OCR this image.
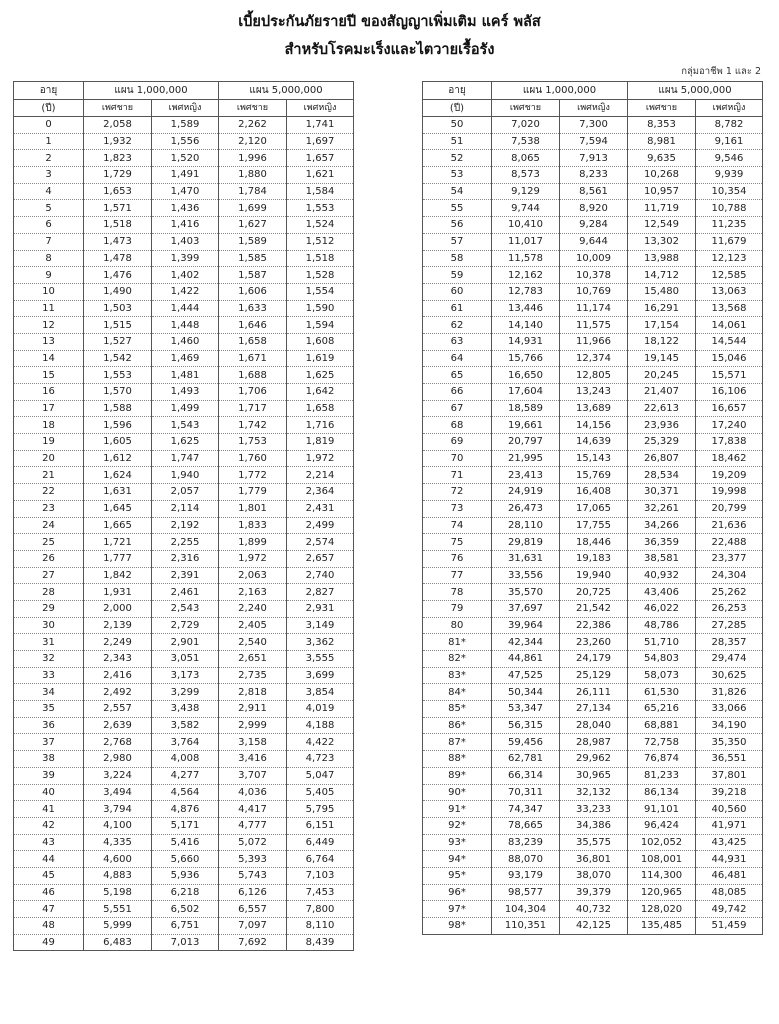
เบี้ยประกันภัยรายปี ของสัญญาเพิ่มเติม แคร์ พลัส
สำหรับโรคมะเร็งและไตวายเรื้อรัง
กลุ่มอาชีพ 1 และ 2
อายุ	แผน 1,000,000		แผน 5,000,000	
(ปี)	เพศชาย	เพศหญิง	เพศชาย	เพศหญิง
0	2,058	1,589	2,262	1,741
1	1,932	1,556	2,120	1,697
2	1,823	1,520	1,996	1,657
3	1,729	1,491	1,880	1,621
4	1,653	1,470	1,784	1,584
5	1,571	1,436	1,699	1,553
6	1,518	1,416	1,627	1,524
7	1,473	1,403	1,589	1,512
8	1,478	1,399	1,585	1,518
9	1,476	1,402	1,587	1,528
10	1,490	1,422	1,606	1,554
11	1,503	1,444	1,633	1,590
12	1,515	1,448	1,646	1,594
13	1,527	1,460	1,658	1,608
14	1,542	1,469	1,671	1,619
15	1,553	1,481	1,688	1,625
16	1,570	1,493	1,706	1,642
17	1,588	1,499	1,717	1,658
18	1,596	1,543	1,742	1,716
19	1,605	1,625	1,753	1,819
20	1,612	1,747	1,760	1,972
21	1,624	1,940	1,772	2,214
22	1,631	2,057	1,779	2,364
23	1,645	2,114	1,801	2,431
24	1,665	2,192	1,833	2,499
25	1,721	2,255	1,899	2,574
26	1,777	2,316	1,972	2,657
27	1,842	2,391	2,063	2,740
28	1,931	2,461	2,163	2,827
29	2,000	2,543	2,240	2,931
30	2,139	2,729	2,405	3,149
31	2,249	2,901	2,540	3,362
32	2,343	3,051	2,651	3,555
33	2,416	3,173	2,735	3,699
34	2,492	3,299	2,818	3,854
35	2,557	3,438	2,911	4,019
36	2,639	3,582	2,999	4,188
37	2,768	3,764	3,158	4,422
38	2,980	4,008	3,416	4,723
39	3,224	4,277	3,707	5,047
40	3,494	4,564	4,036	5,405
41	3,794	4,876	4,417	5,795
42	4,100	5,171	4,777	6,151
43	4,335	5,416	5,072	6,449
44	4,600	5,660	5,393	6,764
45	4,883	5,936	5,743	7,103
46	5,198	6,218	6,126	7,453
47	5,551	6,502	6,557	7,800
48	5,999	6,751	7,097	8,110
49	6,483	7,013	7,692	8,439
อายุ	แผน 1,000,000		แผน 5,000,000	
(ปี)	เพศชาย	เพศหญิง	เพศชาย	เพศหญิง
50	7,020	7,300	8,353	8,782
51	7,538	7,594	8,981	9,161
52	8,065	7,913	9,635	9,546
53	8,573	8,233	10,268	9,939
54	9,129	8,561	10,957	10,354
55	9,744	8,920	11,719	10,788
56	10,410	9,284	12,549	11,235
57	11,017	9,644	13,302	11,679
58	11,578	10,009	13,988	12,123
59	12,162	10,378	14,712	12,585
60	12,783	10,769	15,480	13,063
61	13,446	11,174	16,291	13,568
62	14,140	11,575	17,154	14,061
63	14,931	11,966	18,122	14,544
64	15,766	12,374	19,145	15,046
65	16,650	12,805	20,245	15,571
66	17,604	13,243	21,407	16,106
67	18,589	13,689	22,613	16,657
68	19,661	14,156	23,936	17,240
69	20,797	14,639	25,329	17,838
70	21,995	15,143	26,807	18,462
71	23,413	15,769	28,534	19,209
72	24,919	16,408	30,371	19,998
73	26,473	17,065	32,261	20,799
74	28,110	17,755	34,266	21,636
75	29,819	18,446	36,359	22,488
76	31,631	19,183	38,581	23,377
77	33,556	19,940	40,932	24,304
78	35,570	20,725	43,406	25,262
79	37,697	21,542	46,022	26,253
80	39,964	22,386	48,786	27,285
81*	42,344	23,260	51,710	28,357
82*	44,861	24,179	54,803	29,474
83*	47,525	25,129	58,073	30,625
84*	50,344	26,111	61,530	31,826
85*	53,347	27,134	65,216	33,066
86*	56,315	28,040	68,881	34,190
87*	59,456	28,987	72,758	35,350
88*	62,781	29,962	76,874	36,551
89*	66,314	30,965	81,233	37,801
90*	70,311	32,132	86,134	39,218
91*	74,347	33,233	91,101	40,560
92*	78,665	34,386	96,424	41,971
93*	83,239	35,575	102,052	43,425
94*	88,070	36,801	108,001	44,931
95*	93,179	38,070	114,300	46,481
96*	98,577	39,379	120,965	48,085
97*	104,304	40,732	128,020	49,742
98*	110,351	42,125	135,485	51,459
